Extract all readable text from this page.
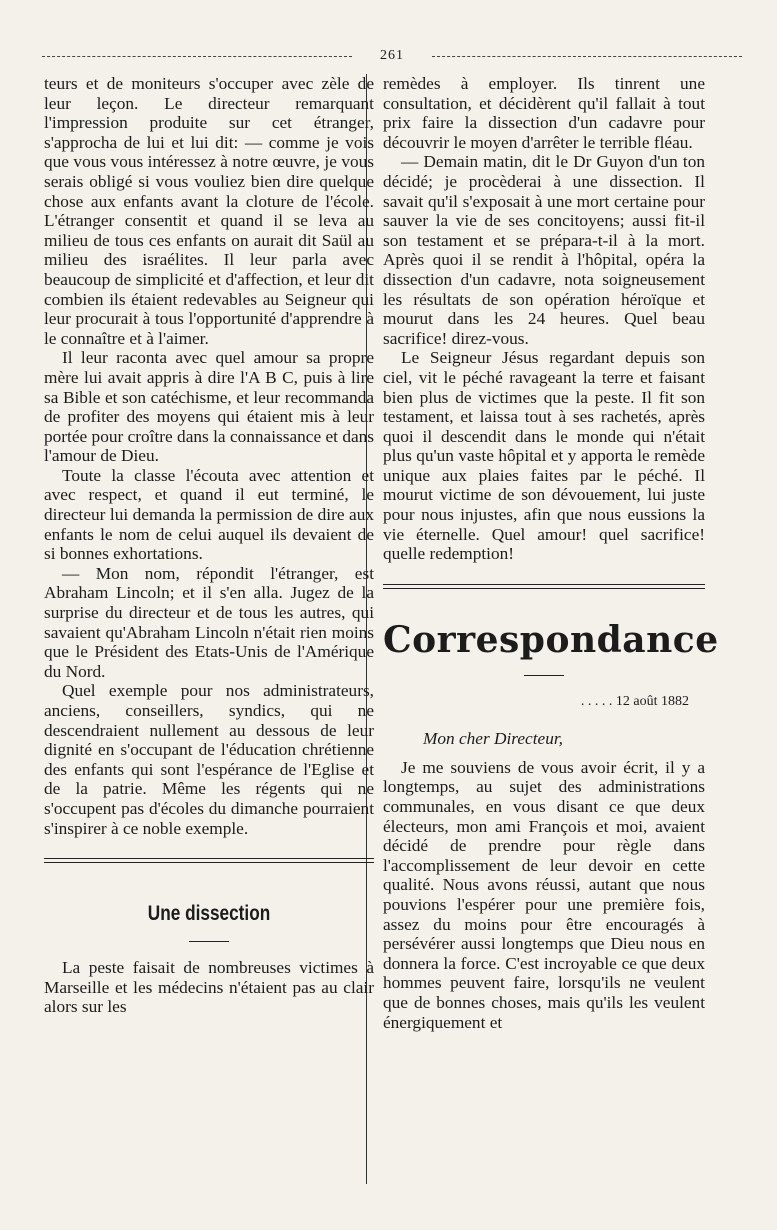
261

teurs et de moniteurs s'occuper avec zèle de leur leçon. Le directeur remarquant l'impression produite sur cet étranger, s'approcha de lui et lui dit: — comme je vois que vous vous intéressez à notre œuvre, je vous serais obligé si vous vouliez bien dire quelque chose aux enfants avant la cloture de l'école. L'étranger consentit et quand il se leva au milieu de tous ces enfants on aurait dit Saül au milieu des israélites. Il leur parla avec beaucoup de simplicité et d'affection, et leur dit combien ils étaient redevables au Seigneur qui leur procurait à tous l'opportunité d'apprendre à le connaître et à l'aimer.

Il leur raconta avec quel amour sa propre mère lui avait appris à dire l'A B C, puis à lire sa Bible et son catéchisme, et leur recommanda de profiter des moyens qui étaient mis à leur portée pour croître dans la connaissance et dans l'amour de Dieu.

Toute la classe l'écouta avec attention et avec respect, et quand il eut terminé, le directeur lui demanda la permission de dire aux enfants le nom de celui auquel ils devaient de si bonnes exhortations.

— Mon nom, répondit l'étranger, est Abraham Lincoln; et il s'en alla. Jugez de la surprise du directeur et de tous les autres, qui savaient qu'Abraham Lincoln n'était rien moins que le Président des Etats-Unis de l'Amérique du Nord.

Quel exemple pour nos administrateurs, anciens, conseillers, syndics, qui ne descendraient nullement au dessous de leur dignité en s'occupant de l'éducation chrétienne des enfants qui sont l'espérance de l'Eglise et de la patrie. Même les régents qui ne s'occupent pas d'écoles du dimanche pourraient s'inspirer à ce noble exemple.

Une dissection

La peste faisait de nombreuses victimes à Marseille et les médecins n'étaient pas au clair alors sur les

remèdes à employer. Ils tinrent une consultation, et décidèrent qu'il fallait à tout prix faire la dissection d'un cadavre pour découvrir le moyen d'arrêter le terrible fléau.

— Demain matin, dit le Dr Guyon d'un ton décidé; je procèderai à une dissection. Il savait qu'il s'exposait à une mort certaine pour sauver la vie de ses concitoyens; aussi fit-il son testament et se prépara-t-il à la mort. Après quoi il se rendit à l'hôpital, opéra la dissection d'un cadavre, nota soigneusement les résultats de son opération héroïque et mourut dans les 24 heures. Quel beau sacrifice! direz-vous.

Le Seigneur Jésus regardant depuis son ciel, vit le péché ravageant la terre et faisant bien plus de victimes que la peste. Il fit son testament, et laissa tout à ses rachetés, après quoi il descendit dans le monde qui n'était plus qu'un vaste hôpital et y apporta le remède unique aux plaies faites par le péché. Il mourut victime de son dévouement, lui juste pour nous injustes, afin que nous eussions la vie éternelle. Quel amour! quel sacrifice! quelle redemption!

Correspondance
. . . . . 12 août 1882
Mon cher Directeur,

Je me souviens de vous avoir écrit, il y a longtemps, au sujet des administrations communales, en vous disant ce que deux électeurs, mon ami François et moi, avaient décidé de prendre pour règle dans l'accomplissement de leur devoir en cette qualité. Nous avons réussi, autant que nous pouvions l'espérer pour une première fois, assez du moins pour être encouragés à persévérer aussi longtemps que Dieu nous en donnera la force. C'est incroyable ce que deux hommes peuvent faire, lorsqu'ils ne veulent que de bonnes choses, mais qu'ils les veulent énergiquement et
